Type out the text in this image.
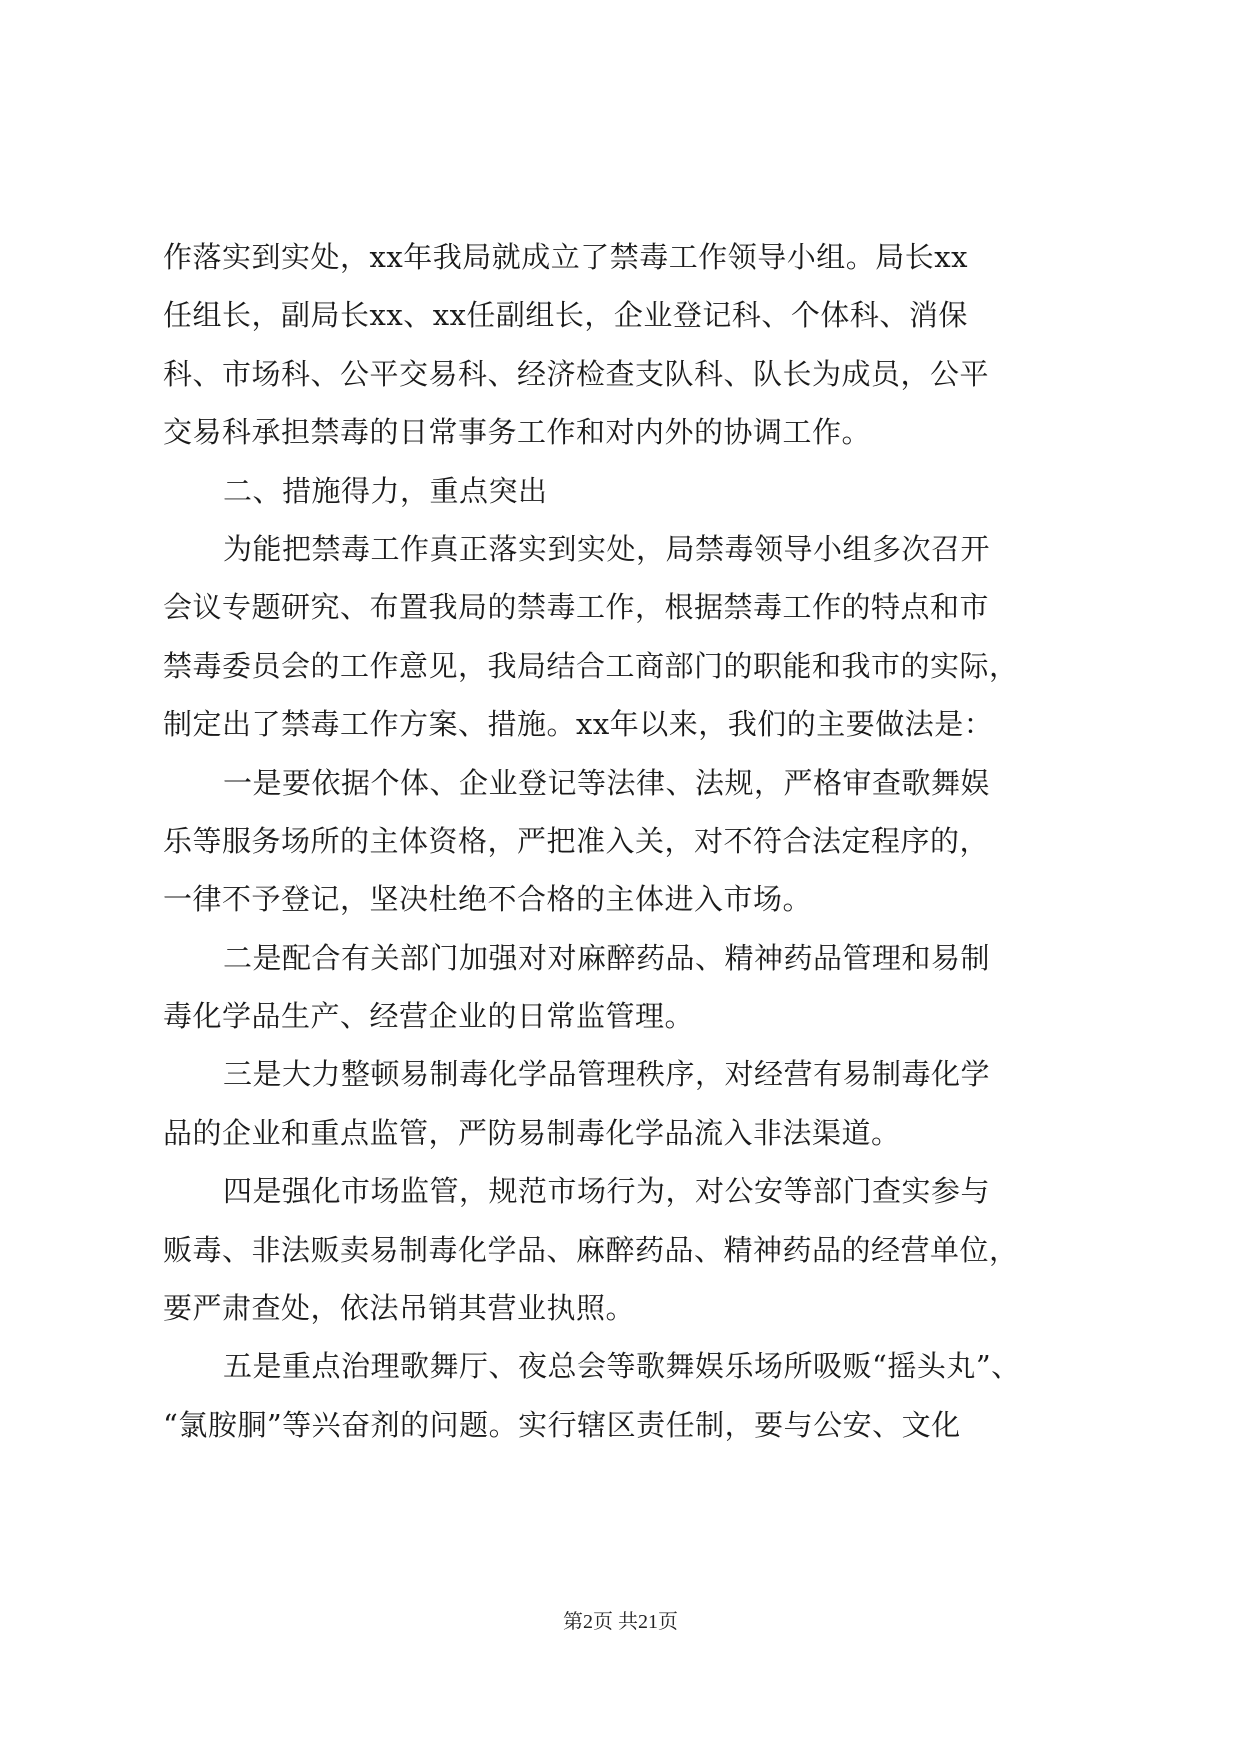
作落实到实处，xx年我局就成立了禁毒工作领导小组。局长xx
任组长，副局长xx、xx任副组长，企业登记科、个体科、消保
科、市场科、公平交易科、经济检查支队科、队长为成员，公平
交易科承担禁毒的日常事务工作和对内外的协调工作。
二、措施得力，重点突出
为能把禁毒工作真正落实到实处，局禁毒领导小组多次召开
会议专题研究、布置我局的禁毒工作，根据禁毒工作的特点和市
禁毒委员会的工作意见，我局结合工商部门的职能和我市的实际，
制定出了禁毒工作方案、措施。xx年以来，我们的主要做法是：
一是要依据个体、企业登记等法律、法规，严格审查歌舞娱
乐等服务场所的主体资格，严把准入关，对不符合法定程序的，
一律不予登记，坚决杜绝不合格的主体进入市场。
二是配合有关部门加强对对麻醉药品、精神药品管理和易制
毒化学品生产、经营企业的日常监管理。
三是大力整顿易制毒化学品管理秩序，对经营有易制毒化学
品的企业和重点监管，严防易制毒化学品流入非法渠道。
四是强化市场监管，规范市场行为，对公安等部门查实参与
贩毒、非法贩卖易制毒化学品、麻醉药品、精神药品的经营单位，
要严肃查处，依法吊销其营业执照。
五是重点治理歌舞厅、夜总会等歌舞娱乐场所吸贩“摇头丸”、
“氯胺胴”等兴奋剂的问题。实行辖区责任制，要与公安、文化
第2页 共21页
